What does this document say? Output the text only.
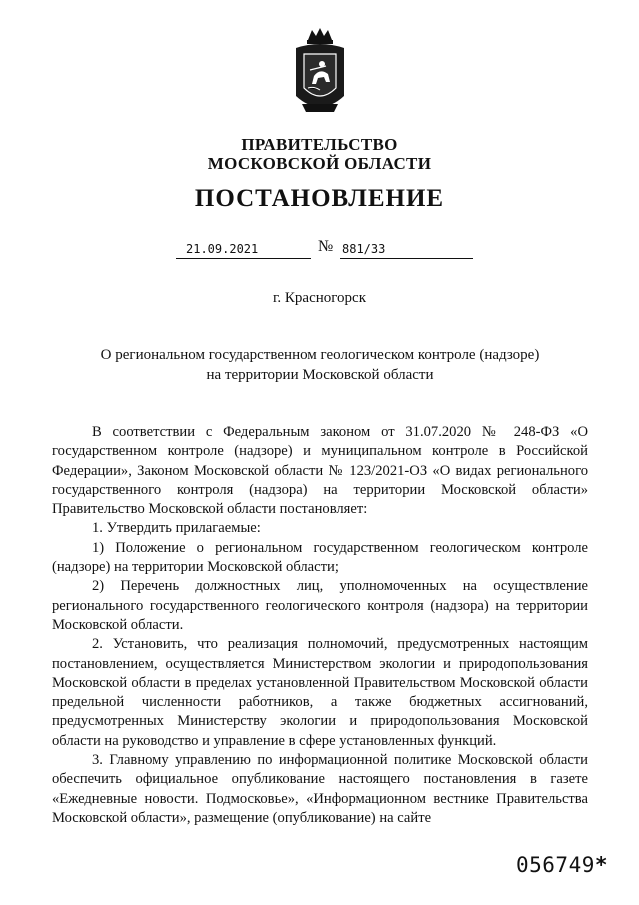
ПРАВИТЕЛЬСТВО
МОСКОВСКОЙ ОБЛАСТИ
ПОСТАНОВЛЕНИЕ
21.09.2021	№ 881/33
г. Красногорск
О региональном государственном геологическом контроле (надзоре)
на территории Московской области

В соответствии с Федеральным законом от 31.07.2020 № 248-ФЗ «О государственном контроле (надзоре) и муниципальном контроле в Российской Федерации», Законом Московской области № 123/2021-ОЗ «О видах регионального государственного контроля (надзора) на территории Московской области» Правительство Московской области постановляет:

1. Утвердить прилагаемые:

1) Положение о региональном государственном геологическом контроле (надзоре) на территории Московской области;

2) Перечень должностных лиц, уполномоченных на осуществление регионального государственного геологического контроля (надзора) на территории Московской области.

2. Установить, что реализация полномочий, предусмотренных настоящим постановлением, осуществляется Министерством экологии и природопользования Московской области в пределах установленной Правительством Московской области предельной численности работников, а также бюджетных ассигнований, предусмотренных Министерству экологии и природопользования Московской области на руководство и управление в сфере установленных функций.

3. Главному управлению по информационной политике Московской области обеспечить официальное опубликование настоящего постановления в газете «Ежедневные новости. Подмосковье», «Информационном вестнике Правительства Московской области», размещение (опубликование) на сайте

056749*
